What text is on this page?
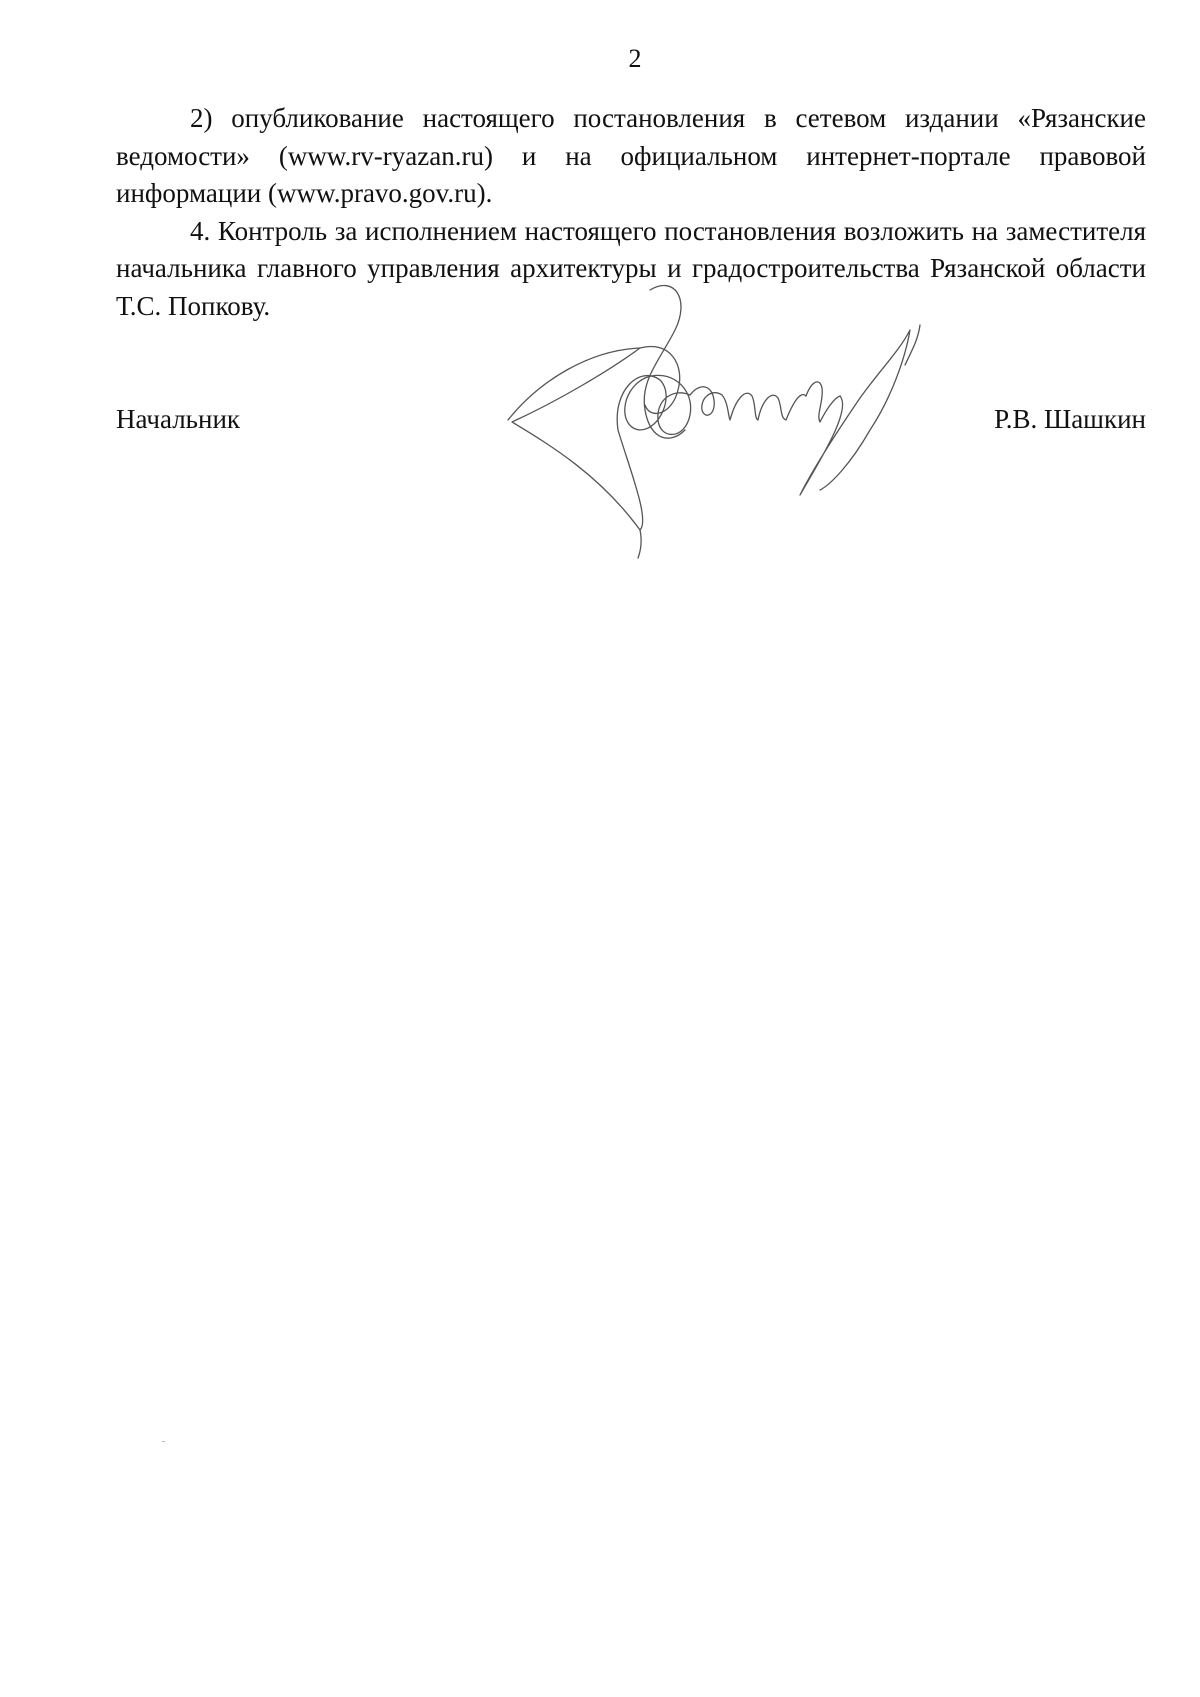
2

2) опубликование настоящего постановления в сетевом издании «Рязанские ведомости» (www.rv-ryazan.ru) и на официальном интернет-портале правовой информации (www.pravo.gov.ru).

4. Контроль за исполнением настоящего постановления возложить на заместителя начальника главного управления архитектуры и градостроительства Рязанской области Т.С. Попкову.

Начальник	Р.В. Шашкин
